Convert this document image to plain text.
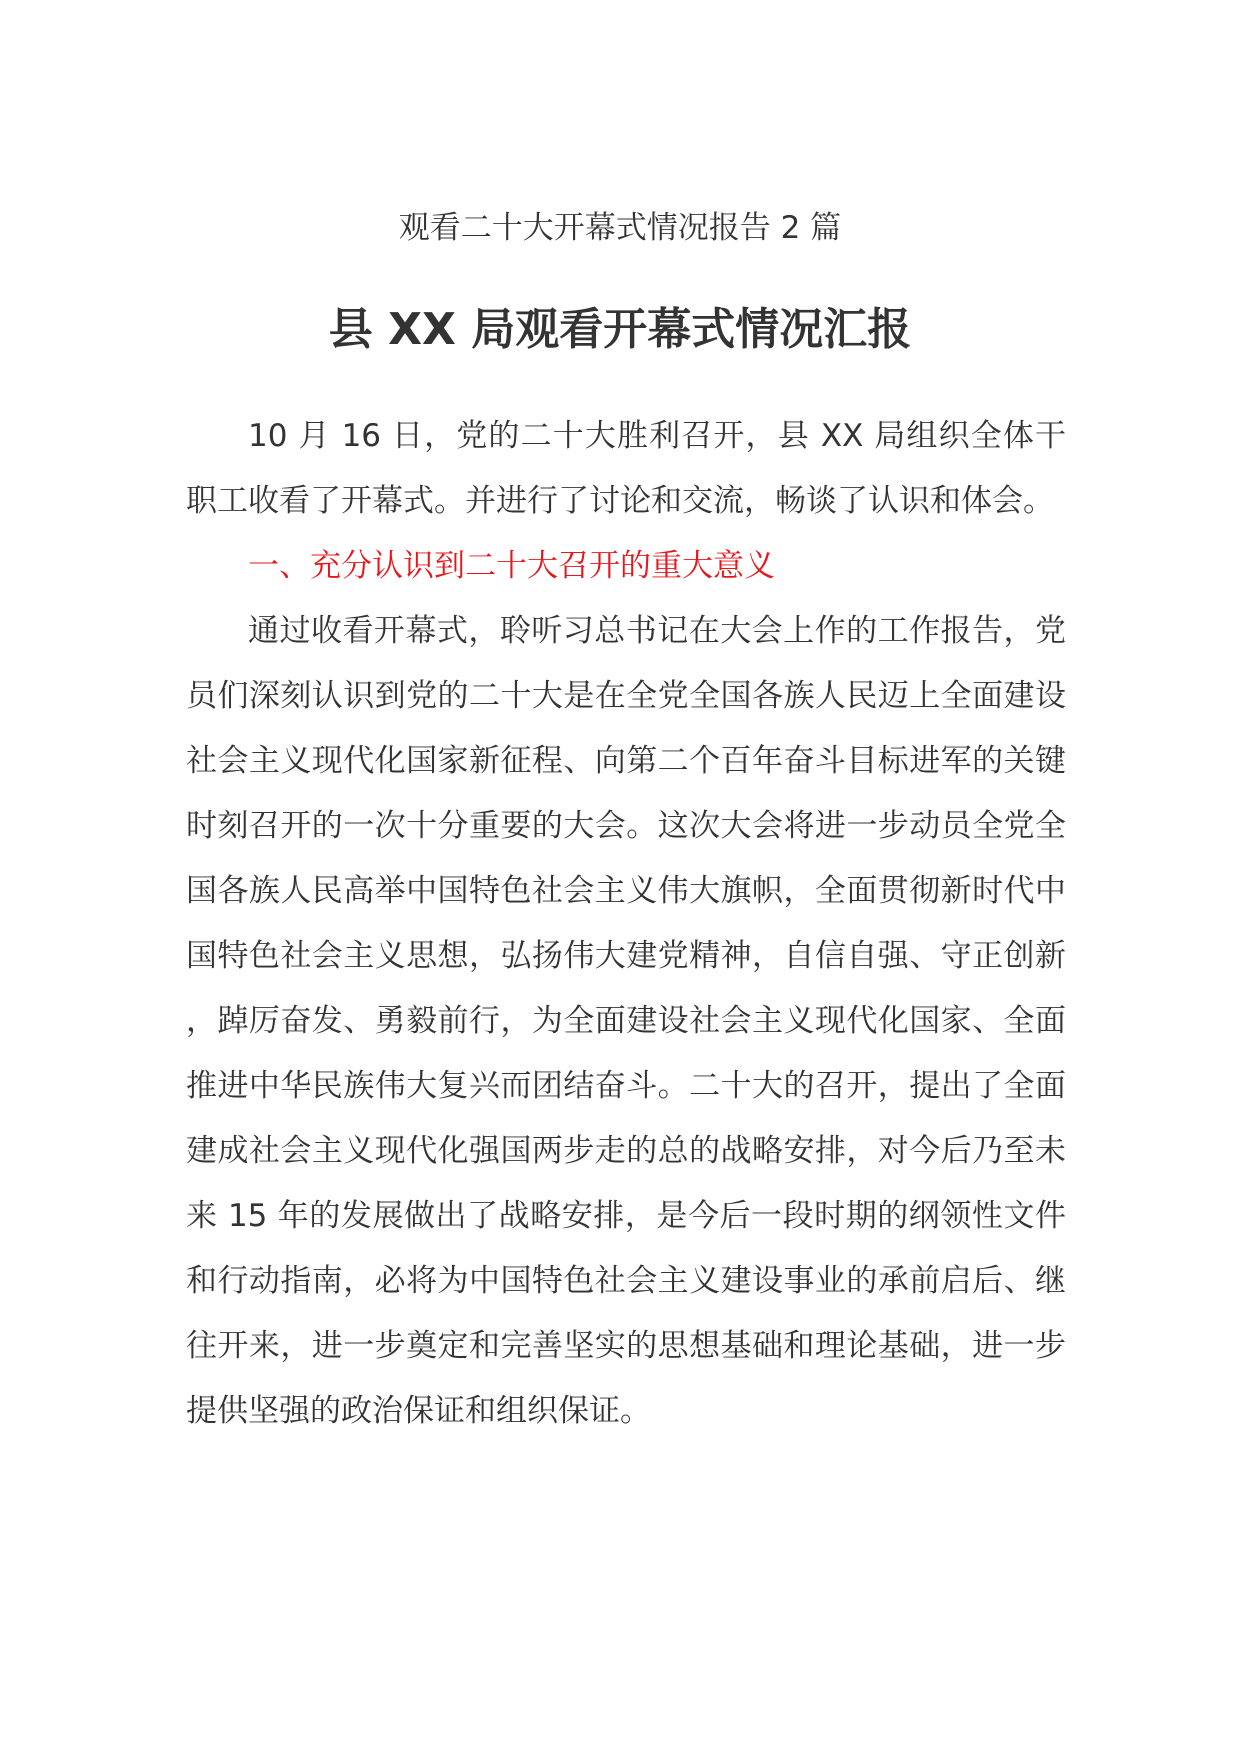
观看二十大开幕式情况报告 2 篇
县 XX 局观看开幕式情况汇报

10 月 16 日，党的二十大胜利召开，县 XX 局组织全体干职工收看了开幕式。并进行了讨论和交流，畅谈了认识和体会。

一、充分认识到二十大召开的重大意义

通过收看开幕式，聆听习总书记在大会上作的工作报告，党员们深刻认识到党的二十大是在全党全国各族人民迈上全面建设社会主义现代化国家新征程、向第二个百年奋斗目标进军的关键时刻召开的一次十分重要的大会。这次大会将进一步动员全党全国各族人民高举中国特色社会主义伟大旗帜，全面贯彻新时代中国特色社会主义思想，弘扬伟大建党精神，自信自强、守正创新，踔厉奋发、勇毅前行，为全面建设社会主义现代化国家、全面推进中华民族伟大复兴而团结奋斗。二十大的召开，提出了全面建成社会主义现代化强国两步走的总的战略安排，对今后乃至未来 15 年的发展做出了战略安排，是今后一段时期的纲领性文件和行动指南，必将为中国特色社会主义建设事业的承前启后、继往开来，进一步奠定和完善坚实的思想基础和理论基础，进一步提供坚强的政治保证和组织保证。
